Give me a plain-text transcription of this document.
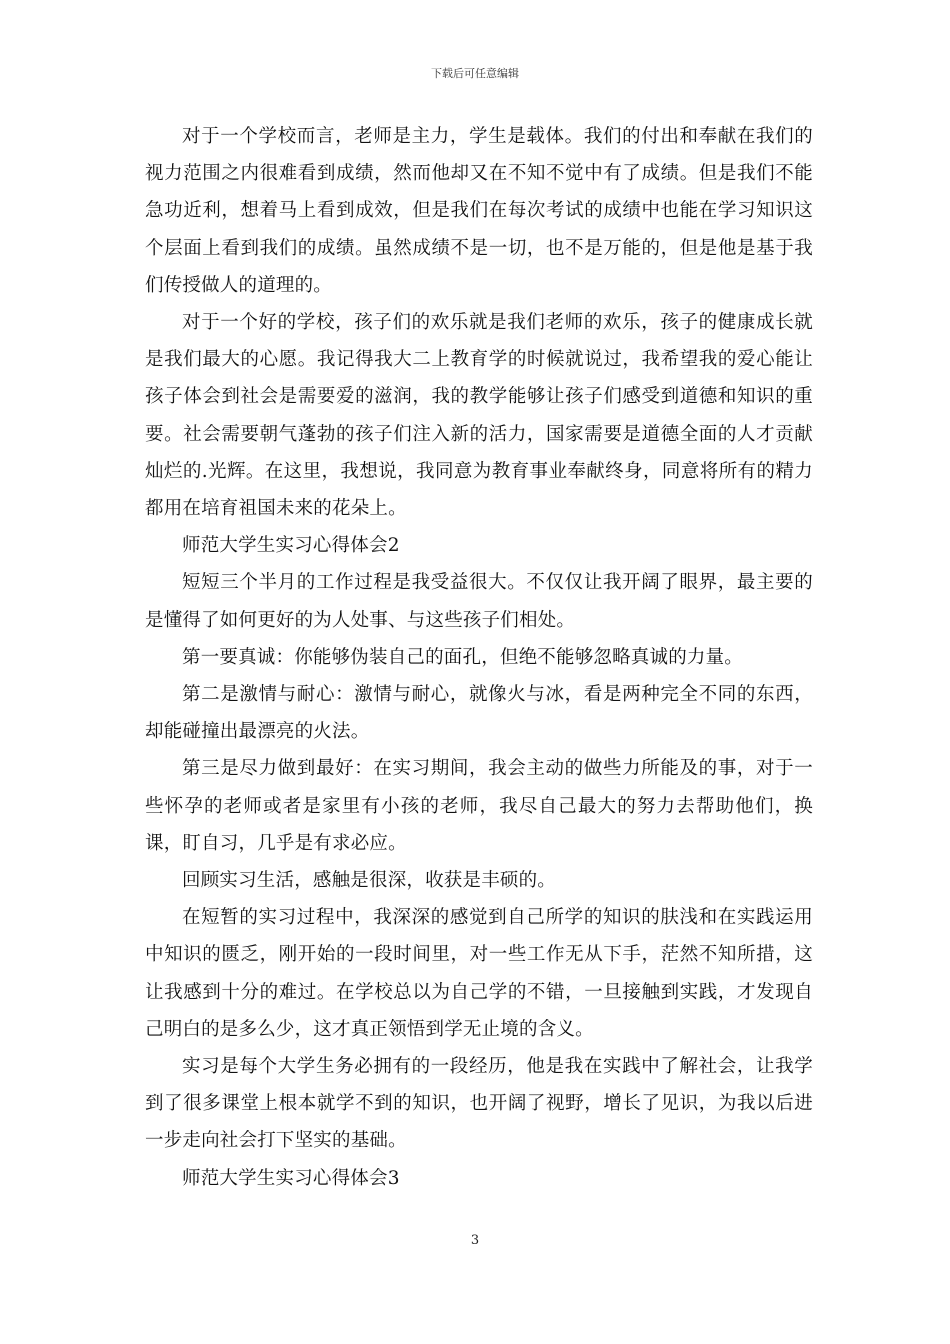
下载后可任意编辑

对于一个学校而言，老师是主力，学生是载体。我们的付出和奉献在我们的视力范围之内很难看到成绩，然而他却又在不知不觉中有了成绩。但是我们不能急功近利，想着马上看到成效，但是我们在每次考试的成绩中也能在学习知识这个层面上看到我们的成绩。虽然成绩不是一切，也不是万能的，但是他是基于我们传授做人的道理的。

对于一个好的学校，孩子们的欢乐就是我们老师的欢乐，孩子的健康成长就是我们最大的心愿。我记得我大二上教育学的时候就说过，我希望我的爱心能让孩子体会到社会是需要爱的滋润，我的教学能够让孩子们感受到道德和知识的重要。社会需要朝气蓬勃的孩子们注入新的活力，国家需要是道德全面的人才贡献灿烂的.光辉。在这里，我想说，我同意为教育事业奉献终身，同意将所有的精力都用在培育祖国未来的花朵上。

师范大学生实习心得体会2

短短三个半月的工作过程是我受益很大。不仅仅让我开阔了眼界，最主要的是懂得了如何更好的为人处事、与这些孩子们相处。

第一要真诚：你能够伪装自己的面孔，但绝不能够忽略真诚的力量。

第二是激情与耐心：激情与耐心，就像火与冰，看是两种完全不同的东西，却能碰撞出最漂亮的火法。

第三是尽力做到最好：在实习期间，我会主动的做些力所能及的事，对于一些怀孕的老师或者是家里有小孩的老师，我尽自己最大的努力去帮助他们，换课，盯自习，几乎是有求必应。

回顾实习生活，感触是很深，收获是丰硕的。

在短暂的实习过程中，我深深的感觉到自己所学的知识的肤浅和在实践运用中知识的匮乏，刚开始的一段时间里，对一些工作无从下手，茫然不知所措，这让我感到十分的难过。在学校总以为自己学的不错，一旦接触到实践，才发现自己明白的是多么少，这才真正领悟到学无止境的含义。

实习是每个大学生务必拥有的一段经历，他是我在实践中了解社会，让我学到了很多课堂上根本就学不到的知识，也开阔了视野，增长了见识，为我以后进一步走向社会打下坚实的基础。

师范大学生实习心得体会3

3
